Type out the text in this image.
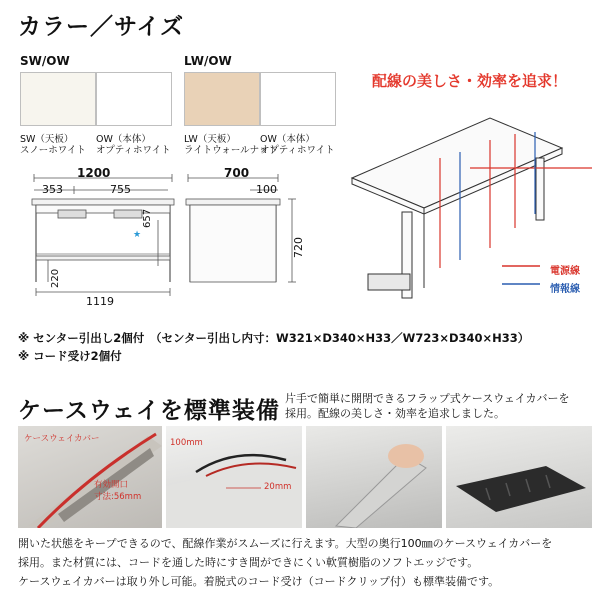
カラー／サイズ
SW/OW	LW/OW
SW（天板）
スノーホワイト
OW（本体）
オプティホワイト
LW（天板）
ライトウォールナット
OW（本体）
オプティホワイト
★
1200
353	755
657
220
1119
700
100
720
配線の美しさ・効率を追求！
電源線
情報線
※ センター引出し2個付　（センター引出し内寸：W321×D340×H33／W723×D340×H33）
※ コード受け2個付
ケースウェイを標準装備 片手で簡単に開閉できるフラップ式ケースウェイカバーを
採用。配線の美しさ・効率を追求しました。
ケースウェイカバー
有効開口
寸法:56mm
100mm
20mm
開いた状態をキープできるので、配線作業がスムーズに行えます。大型の奥行100㎜のケースウェイカバーを
採用。また材質には、コードを通した時にすき間ができにくい軟質樹脂のソフトエッジです。
ケースウェイカバーは取り外し可能。着脱式のコード受け（コードクリップ付）も標準装備です。
